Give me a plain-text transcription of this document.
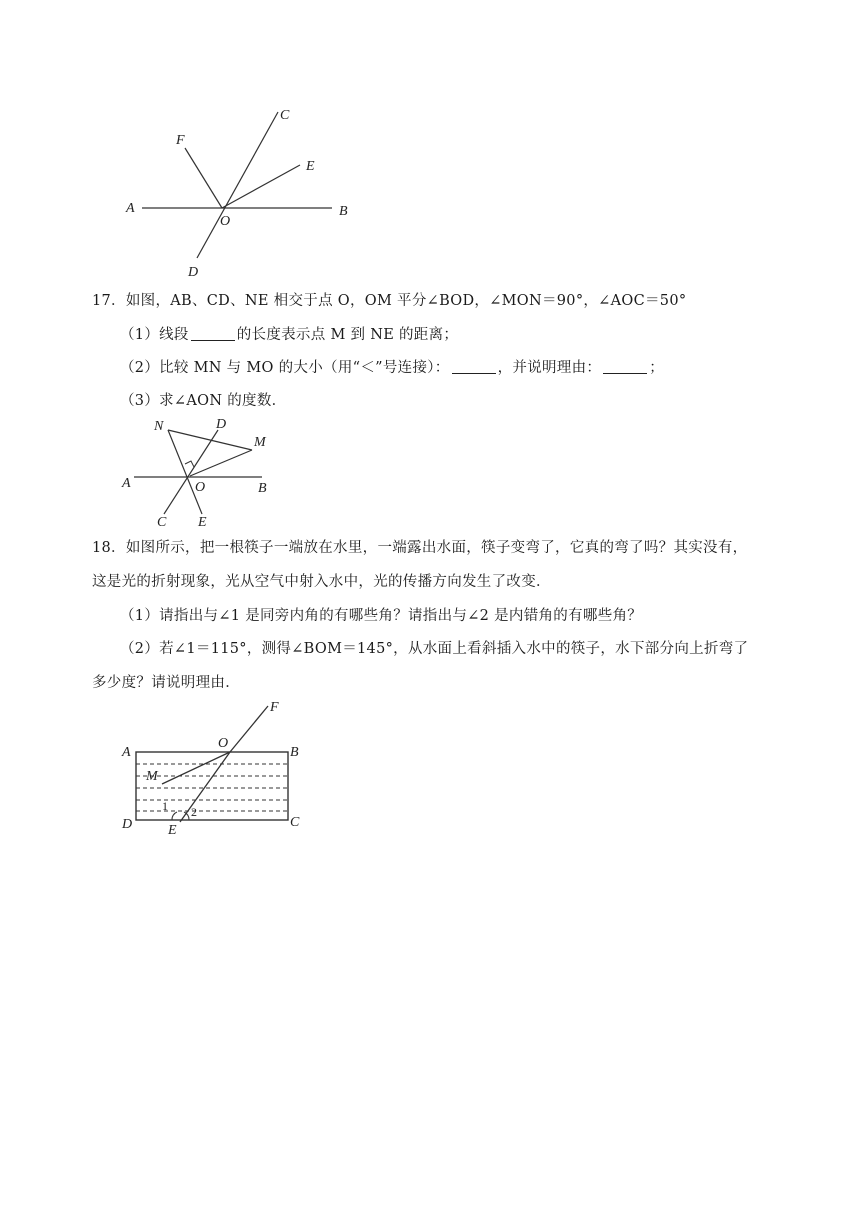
A	B
C
D
E
F
O
17．如图，AB、CD、NE 相交于点 O，OM 平分∠BOD，∠MON＝90°，∠AOC＝50°
（1）线段	的长度表示点 M 到 NE 的距离；
（2）比较 MN 与 MO 的大小（用“＜”号连接）：	，并说明理由：	；
（3）求∠AON 的度数．
N	D
M
A	O	B
C E
18．如图所示，把一根筷子一端放在水里，一端露出水面，筷子变弯了，它真的弯了吗？其实没有，
这是光的折射现象，光从空气中射入水中，光的传播方向发生了改变．
（1）请指出与∠1 是同旁内角的有哪些角？请指出与∠2 是内错角的有哪些角？
（2）若∠1＝115°，测得∠BOM＝145°，从水面上看斜插入水中的筷子，水下部分向上折弯了
多少度？请说明理由．
F
A
O
B
M
1 2
D	E
C
